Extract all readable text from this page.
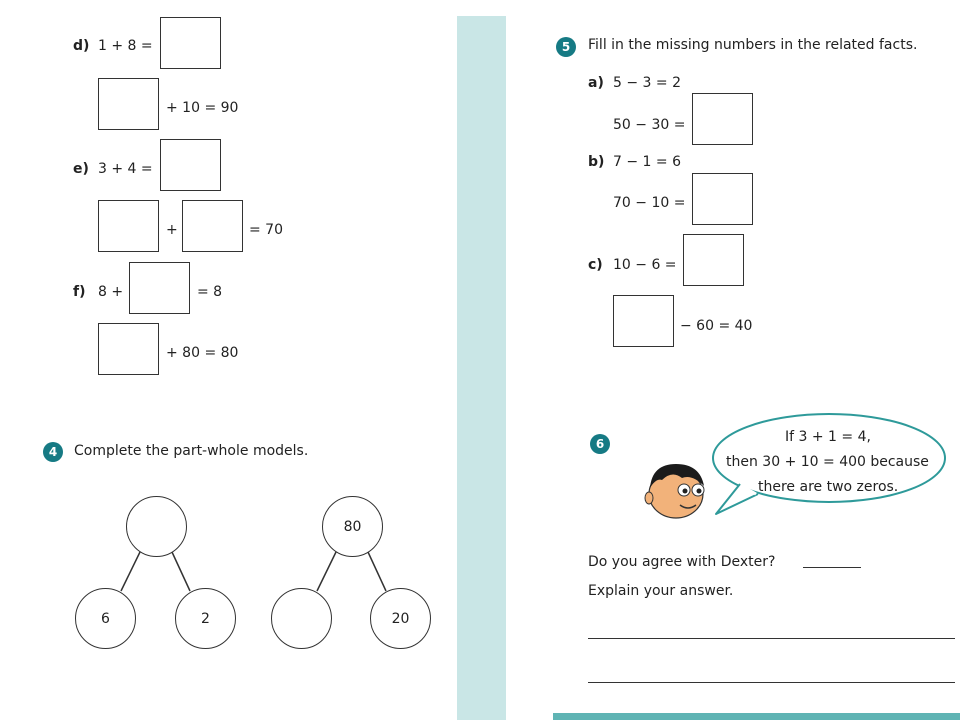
d) 1 + 8 =
+ 10 = 90
e) 3 + 4 =
+	= 70
f) 8 +	= 8
+ 80 = 80
4	Complete the part-whole models.
6	2
80
20
5	Fill in the missing numbers in the related facts.
a) 5 − 3 = 2
50 − 30 =
b) 7 − 1 = 6
70 − 10 =
c) 10 − 6 =
− 60 = 40
6	If 3 + 1 = 4,
then 30 + 10 = 400 because
there are two zeros.
Do you agree with Dexter?
Explain your answer.
